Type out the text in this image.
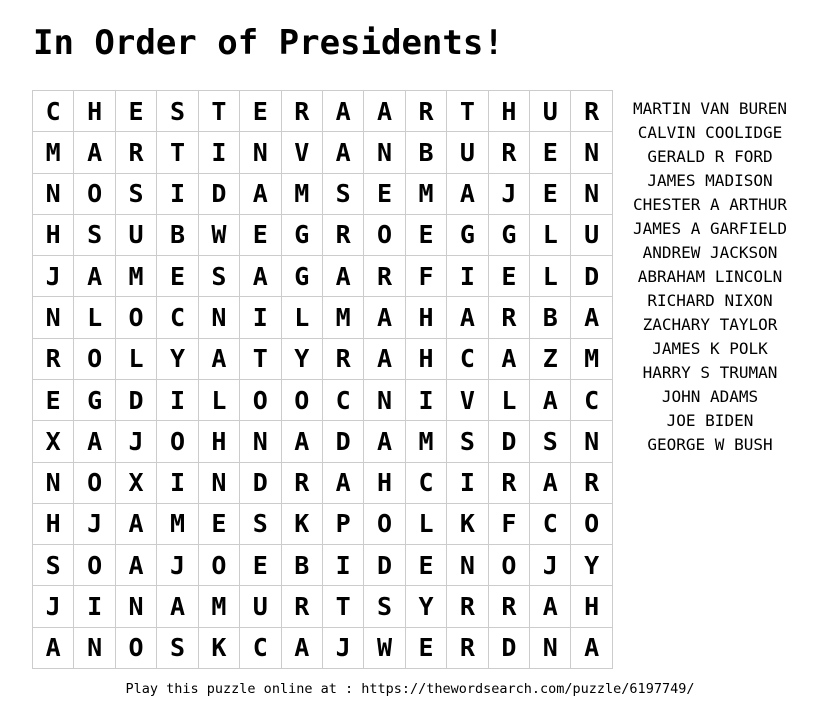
In Order of Presidents!
C	H	E	S	T	E	R	A	A	R	T	H	U	R
M	A	R	T	I	N	V	A	N	B	U	R	E	N
N	O	S	I	D	A	M	S	E	M	A	J	E	N
H	S	U	B	W	E	G	R	O	E	G	G	L	U
J	A	M	E	S	A	G	A	R	F	I	E	L	D
N	L	O	C	N	I	L	M	A	H	A	R	B	A
R	O	L	Y	A	T	Y	R	A	H	C	A	Z	M
E	G	D	I	L	O	O	C	N	I	V	L	A	C
X	A	J	O	H	N	A	D	A	M	S	D	S	N
N	O	X	I	N	D	R	A	H	C	I	R	A	R
H	J	A	M	E	S	K	P	O	L	K	F	C	O
S	O	A	J	O	E	B	I	D	E	N	O	J	Y
J	I	N	A	M	U	R	T	S	Y	R	R	A	H
A	N	O	S	K	C	A	J	W	E	R	D	N	A
MARTIN VAN BUREN
CALVIN COOLIDGE
GERALD R FORD
JAMES MADISON
CHESTER A ARTHUR
JAMES A GARFIELD
ANDREW JACKSON
ABRAHAM LINCOLN
RICHARD NIXON
ZACHARY TAYLOR
JAMES K POLK
HARRY S TRUMAN
JOHN ADAMS
JOE BIDEN
GEORGE W BUSH
Play this puzzle online at : https://thewordsearch.com/puzzle/6197749/
